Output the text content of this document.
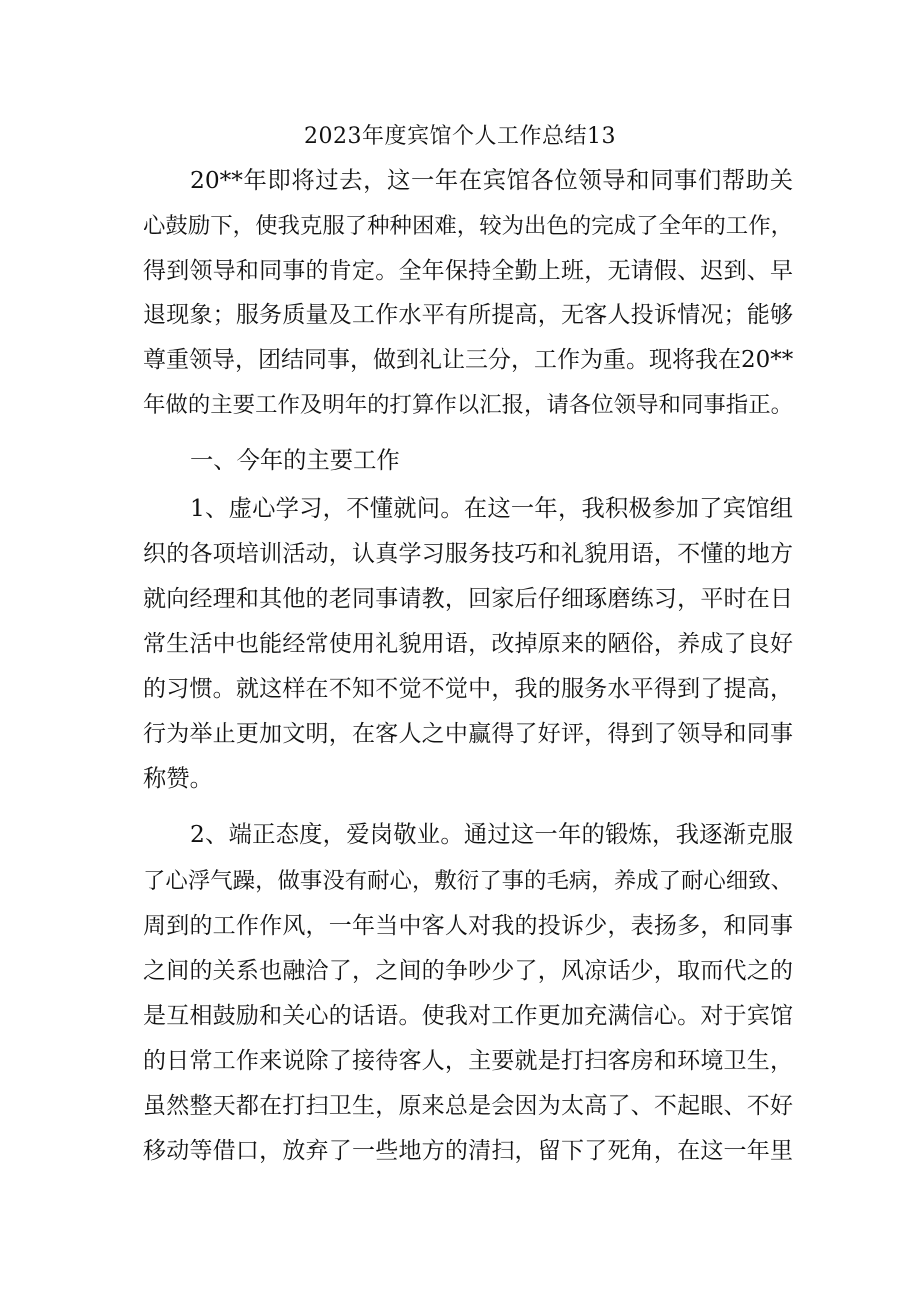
2023年度宾馆个人工作总结13
20**年即将过去，这一年在宾馆各位领导和同事们帮助关
心鼓励下，使我克服了种种困难，较为出色的完成了全年的工作，
得到领导和同事的肯定。全年保持全勤上班，无请假、迟到、早
退现象；服务质量及工作水平有所提高，无客人投诉情况；能够
尊重领导，团结同事，做到礼让三分，工作为重。现将我在20**
年做的主要工作及明年的打算作以汇报，请各位领导和同事指正。
一、今年的主要工作
1、虚心学习，不懂就问。在这一年，我积极参加了宾馆组
织的各项培训活动，认真学习服务技巧和礼貌用语，不懂的地方
就向经理和其他的老同事请教，回家后仔细琢磨练习，平时在日
常生活中也能经常使用礼貌用语，改掉原来的陋俗，养成了良好
的习惯。就这样在不知不觉不觉中，我的服务水平得到了提高，
行为举止更加文明，在客人之中赢得了好评，得到了领导和同事
称赞。
2、端正态度，爱岗敬业。通过这一年的锻炼，我逐渐克服
了心浮气躁，做事没有耐心，敷衍了事的毛病，养成了耐心细致、
周到的工作作风，一年当中客人对我的投诉少，表扬多，和同事
之间的关系也融洽了，之间的争吵少了，风凉话少，取而代之的
是互相鼓励和关心的话语。使我对工作更加充满信心。对于宾馆
的日常工作来说除了接待客人，主要就是打扫客房和环境卫生，
虽然整天都在打扫卫生，原来总是会因为太高了、不起眼、不好
移动等借口，放弃了一些地方的清扫，留下了死角，在这一年里
